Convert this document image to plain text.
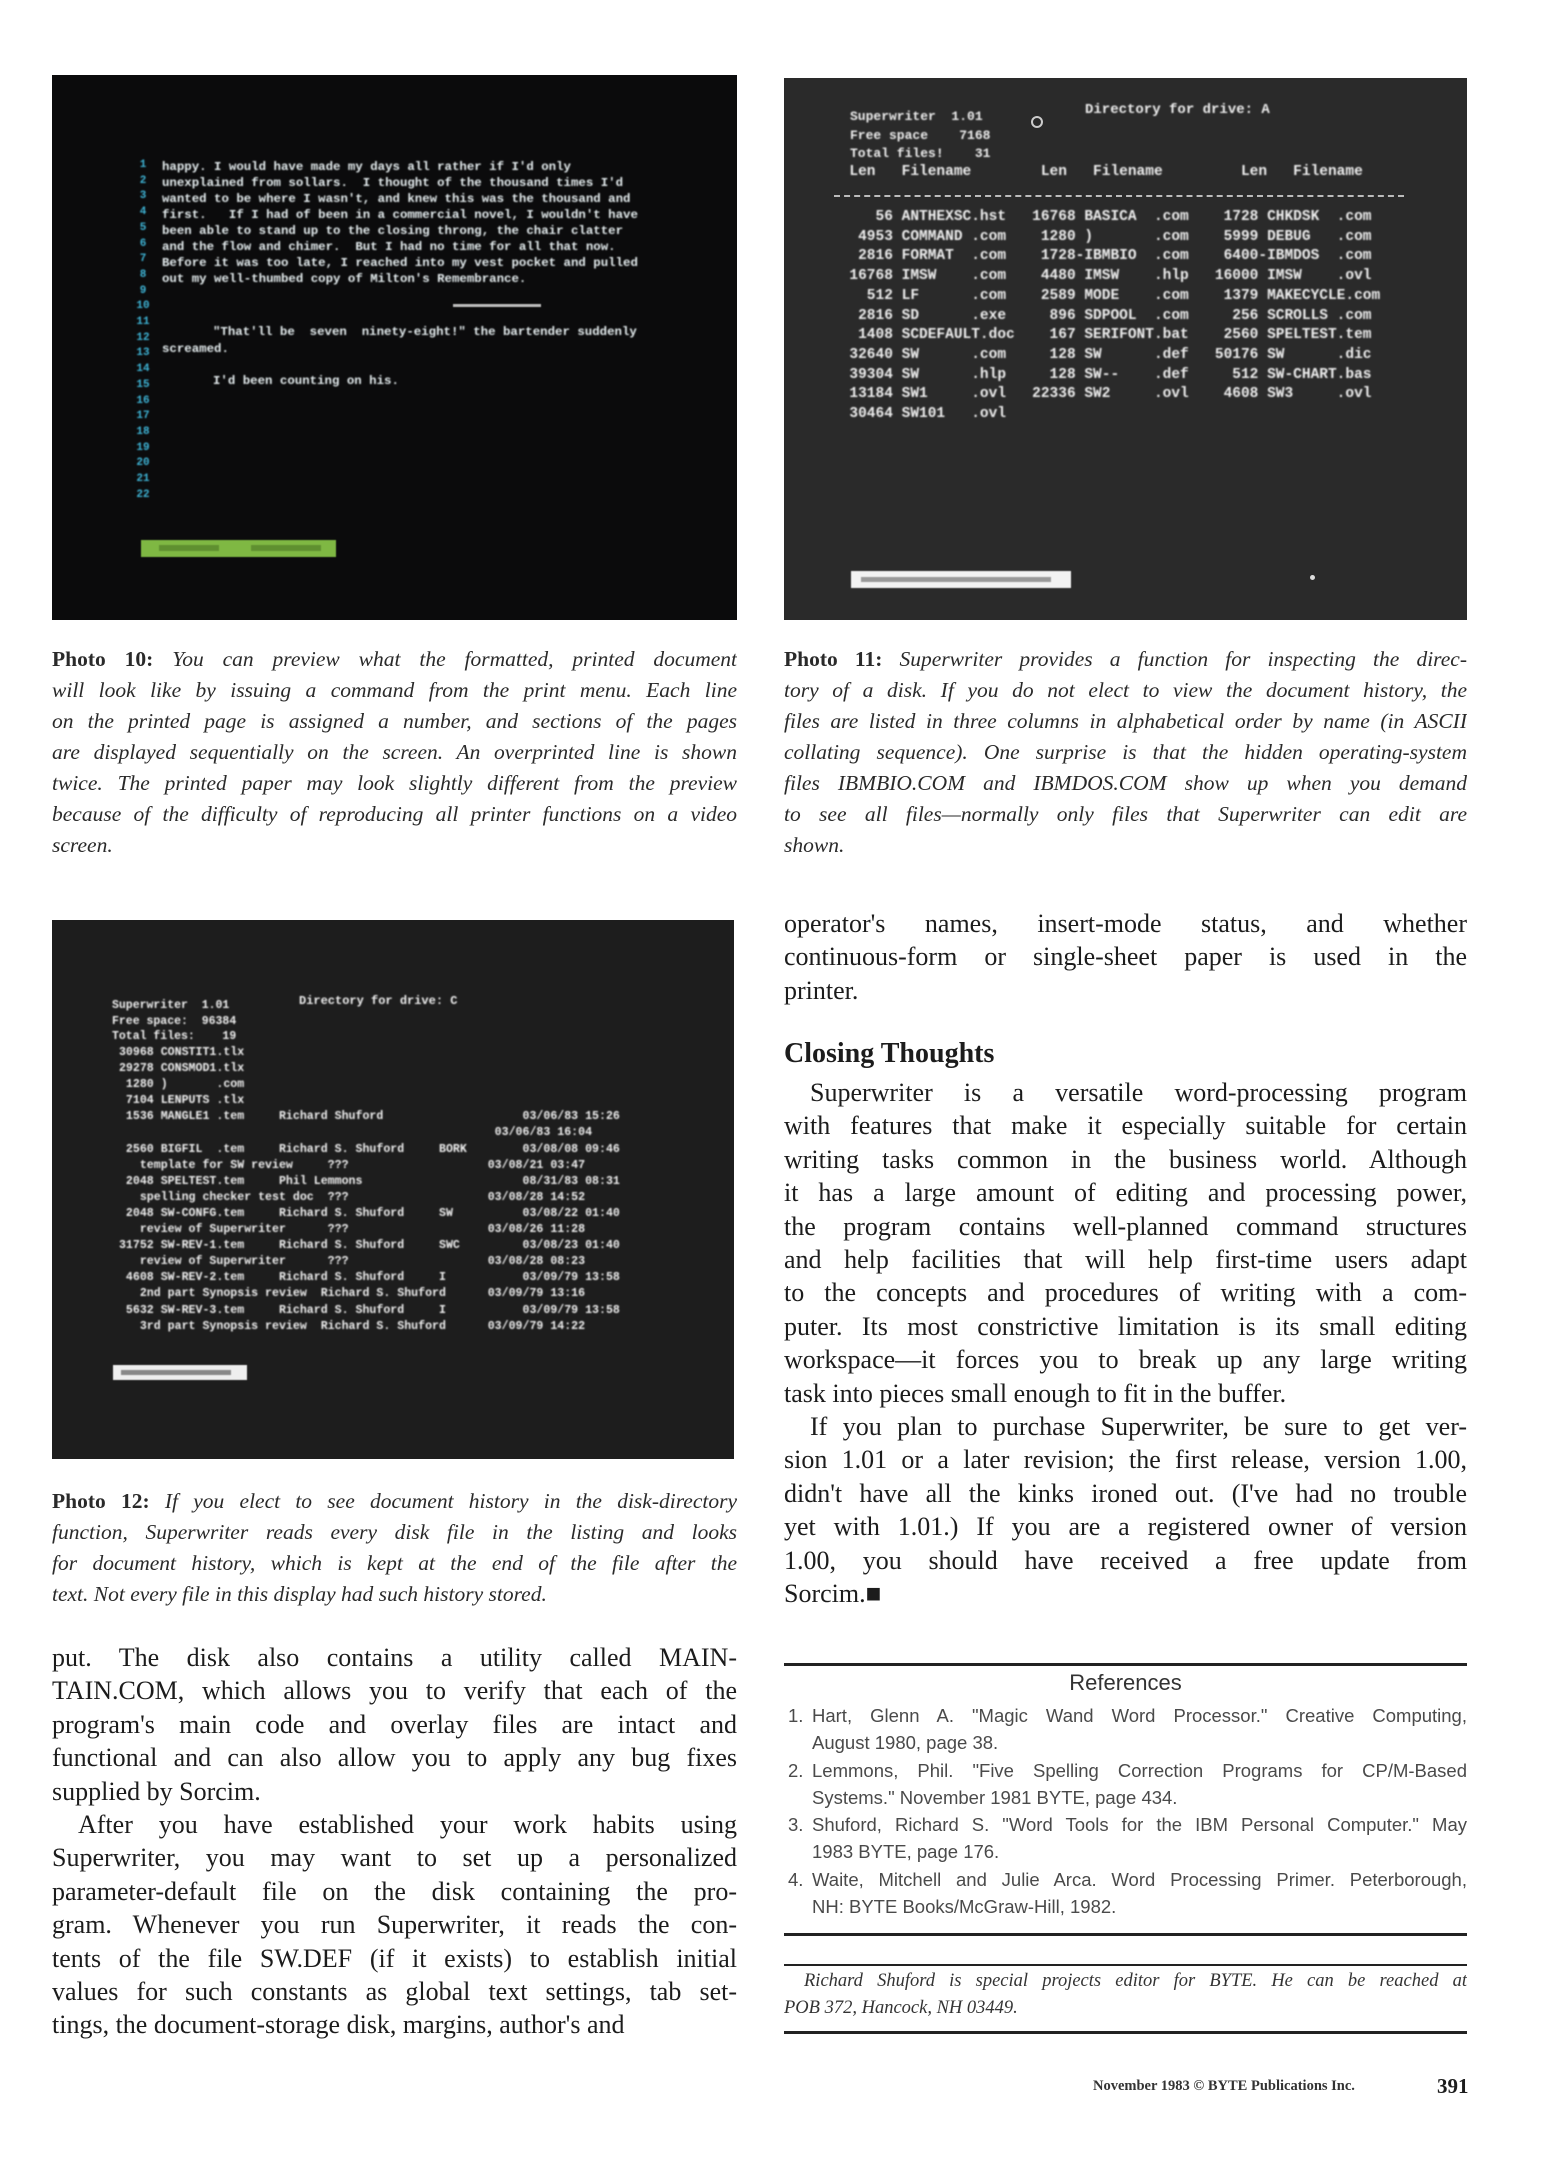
1
2
3
4
5
6
7
8
9
10
11
12
13
14
15
16
17
18
19
20
21
22
happy. I would have made my days all rather if I'd only
unexplained from sollars.  I thought of the thousand times I'd
wanted to be where I wasn't, and knew this was the thousand and
first.   If I had of been in a commercial novel, I wouldn't have
been able to stand up to the closing throng, the chair clatter
and the flow and chimer.  But I had no time for all that now.
Before it was too late, I reached into my vest pocket and pulled
out my well-thumbed copy of Milton's Remembrance.
"That'll be  seven  ninety-eight!" the bartender suddenly
screamed.
I'd been counting on his.
Superwriter  1.01
Free space    7168
Total files!    31
Directory for drive: A
Len   Filename        Len   Filename         Len   Filename
56 ANTHEXSC.hst   16768 BASICA  .com    1728 CHKDSK  .com
4953 COMMAND .com    1280 )       .com    5999 DEBUG   .com
2816 FORMAT  .com    1728-IBMBIO  .com    6400-IBMDOS  .com
16768 IMSW    .com    4480 IMSW    .hlp   16000 IMSW    .ovl
512 LF      .com    2589 MODE    .com    1379 MAKECYCLE.com
2816 SD      .exe     896 SDPOOL  .com     256 SCROLLS .com
1408 SCDEFAULT.doc    167 SERIFONT.bat    2560 SPELTEST.tem
32640 SW      .com     128 SW      .def   50176 SW      .dic
39304 SW      .hlp     128 SW--    .def     512 SW-CHART.bas
13184 SW1     .ovl   22336 SW2     .ovl    4608 SW3     .ovl
30464 SW101   .ovl
Superwriter  1.01
Free space:  96384
Total files:    19
Directory for drive: C
30968 CONSTIT1.tlx
29278 CONSMOD1.tlx
1280 )       .com
7104 LENPUTS .tlx
1536 MANGLE1 .tem     Richard Shuford                    03/06/83 15:26
03/06/83 16:04
2560 BIGFIL  .tem     Richard S. Shuford     BORK        03/08/08 09:46
template for SW review     ???                    03/08/21 03:47
2048 SPELTEST.tem     Phil Lemmons                       08/31/83 08:31
spelling checker test doc  ???                    03/08/28 14:52
2048 SW-CONFG.tem     Richard S. Shuford     SW          03/08/22 01:40
review of Superwriter      ???                    03/08/26 11:28
31752 SW-REV-1.tem     Richard S. Shuford     SWC         03/08/23 01:40
review of Superwriter      ???                    03/08/28 08:23
4608 SW-REV-2.tem     Richard S. Shuford     I           03/09/79 13:58
2nd part Synopsis review  Richard S. Shuford      03/09/79 13:16
5632 SW-REV-3.tem     Richard S. Shuford     I           03/09/79 13:58
3rd part Synopsis review  Richard S. Shuford      03/09/79 14:22
Photo 10: You can preview what the formatted, printed document
will look like by issuing a command from the print menu. Each line
on the printed page is assigned a number, and sections of the pages
are displayed sequentially on the screen. An overprinted line is shown
twice. The printed paper may look slightly different from the preview
because of the difficulty of reproducing all printer functions on a video
screen.
Photo 11: Superwriter provides a function for inspecting the direc-
tory of a disk. If you do not elect to view the document history, the
files are listed in three columns in alphabetical order by name (in ASCII
collating sequence). One surprise is that the hidden operating-system
files IBMBIO.COM and IBMDOS.COM show up when you demand
to see all files—normally only files that Superwriter can edit are
shown.
Photo 12: If you elect to see document history in the disk-directory
function, Superwriter reads every disk file in the listing and looks
for document history, which is kept at the end of the file after the
text. Not every file in this display had such history stored.
put. The disk also contains a utility called MAIN-
TAIN.COM, which allows you to verify that each of the
program's main code and overlay files are intact and
functional and can also allow you to apply any bug fixes
supplied by Sorcim.
After you have established your work habits using
Superwriter, you may want to set up a personalized
parameter-default file on the disk containing the pro-
gram. Whenever you run Superwriter, it reads the con-
tents of the file SW.DEF (if it exists) to establish initial
values for such constants as global text settings, tab set-
tings, the document-storage disk, margins, author's and
operator's names, insert-mode status, and whether
continuous-form or single-sheet paper is used in the
printer.
Closing Thoughts
Superwriter is a versatile word-processing program
with features that make it especially suitable for certain
writing tasks common in the business world. Although
it has a large amount of editing and processing power,
the program contains well-planned command structures
and help facilities that will help first-time users adapt
to the concepts and procedures of writing with a com-
puter. Its most constrictive limitation is its small editing
workspace—it forces you to break up any large writing
task into pieces small enough to fit in the buffer.
If you plan to purchase Superwriter, be sure to get ver-
sion 1.01 or a later revision; the first release, version 1.00,
didn't have all the kinks ironed out. (I've had no trouble
yet with 1.01.) If you are a registered owner of version
1.00, you should have received a free update from
Sorcim.■
References
1. Hart, Glenn A. "Magic Wand Word Processor." Creative Computing,
August 1980, page 38.
2. Lemmons, Phil. "Five Spelling Correction Programs for CP/M-Based
Systems." November 1981 BYTE, page 434.
3. Shuford, Richard S. "Word Tools for the IBM Personal Computer." May
1983 BYTE, page 176.
4. Waite, Mitchell and Julie Arca. Word Processing Primer. Peterborough,
NH: BYTE Books/McGraw-Hill, 1982.
Richard Shuford is special projects editor for BYTE. He can be reached at
POB 372, Hancock, NH 03449.
November 1983 © BYTE Publications Inc.	391
